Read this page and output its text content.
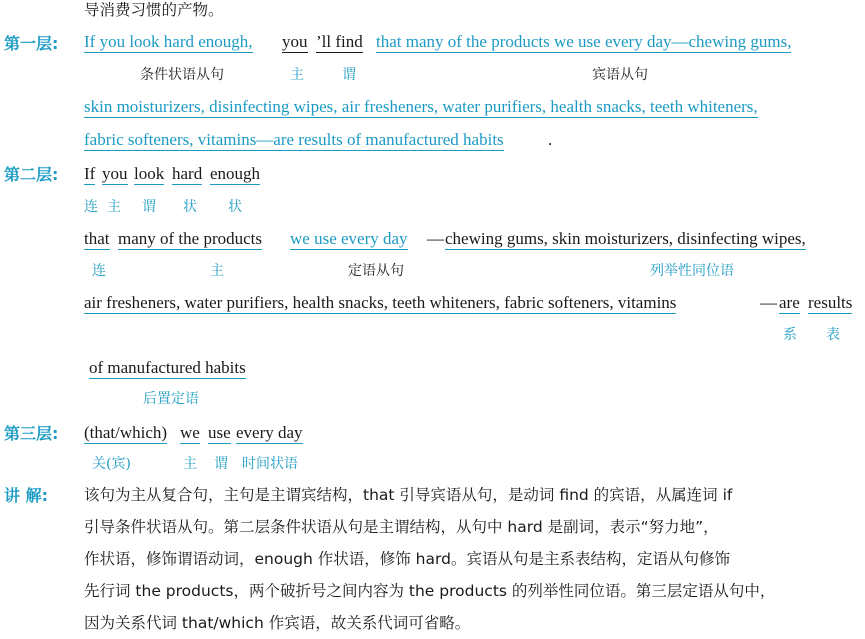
导消费习惯的产物。
第一层: If you look hard enough, you ’ll find that many of the products we use every day—chewing gums,
条件状语从句	主	谓	宾语从句
skin moisturizers, disinfecting wipes, air fresheners, water purifiers, health snacks, teeth whiteners,
fabric softeners, vitamins—are results of manufactured habits	.
第二层: If you look hard enough
连 主 谓 状 状
that many of the products we use every day — chewing gums, skin moisturizers, disinfecting wipes,
连	主	定语从句	列举性同位语
air fresheners, water purifiers, health snacks, teeth whiteners, fabric softeners, vitamins	— are results
系 表
of manufactured habits
后置定语
第三层: (that/which) we use every day
关(宾)	主 谓 时间状语
讲 解: 该句为主从复合句，主句是主谓宾结构，that 引导宾语从句，是动词 find 的宾语，从属连词 if
引导条件状语从句。第二层条件状语从句是主谓结构，从句中 hard 是副词，表示“努力地”，
作状语，修饰谓语动词，enough 作状语，修饰 hard。宾语从句是主系表结构，定语从句修饰
先行词 the products，两个破折号之间内容为 the products 的列举性同位语。第三层定语从句中，
因为关系代词 that/which 作宾语，故关系代词可省略。
